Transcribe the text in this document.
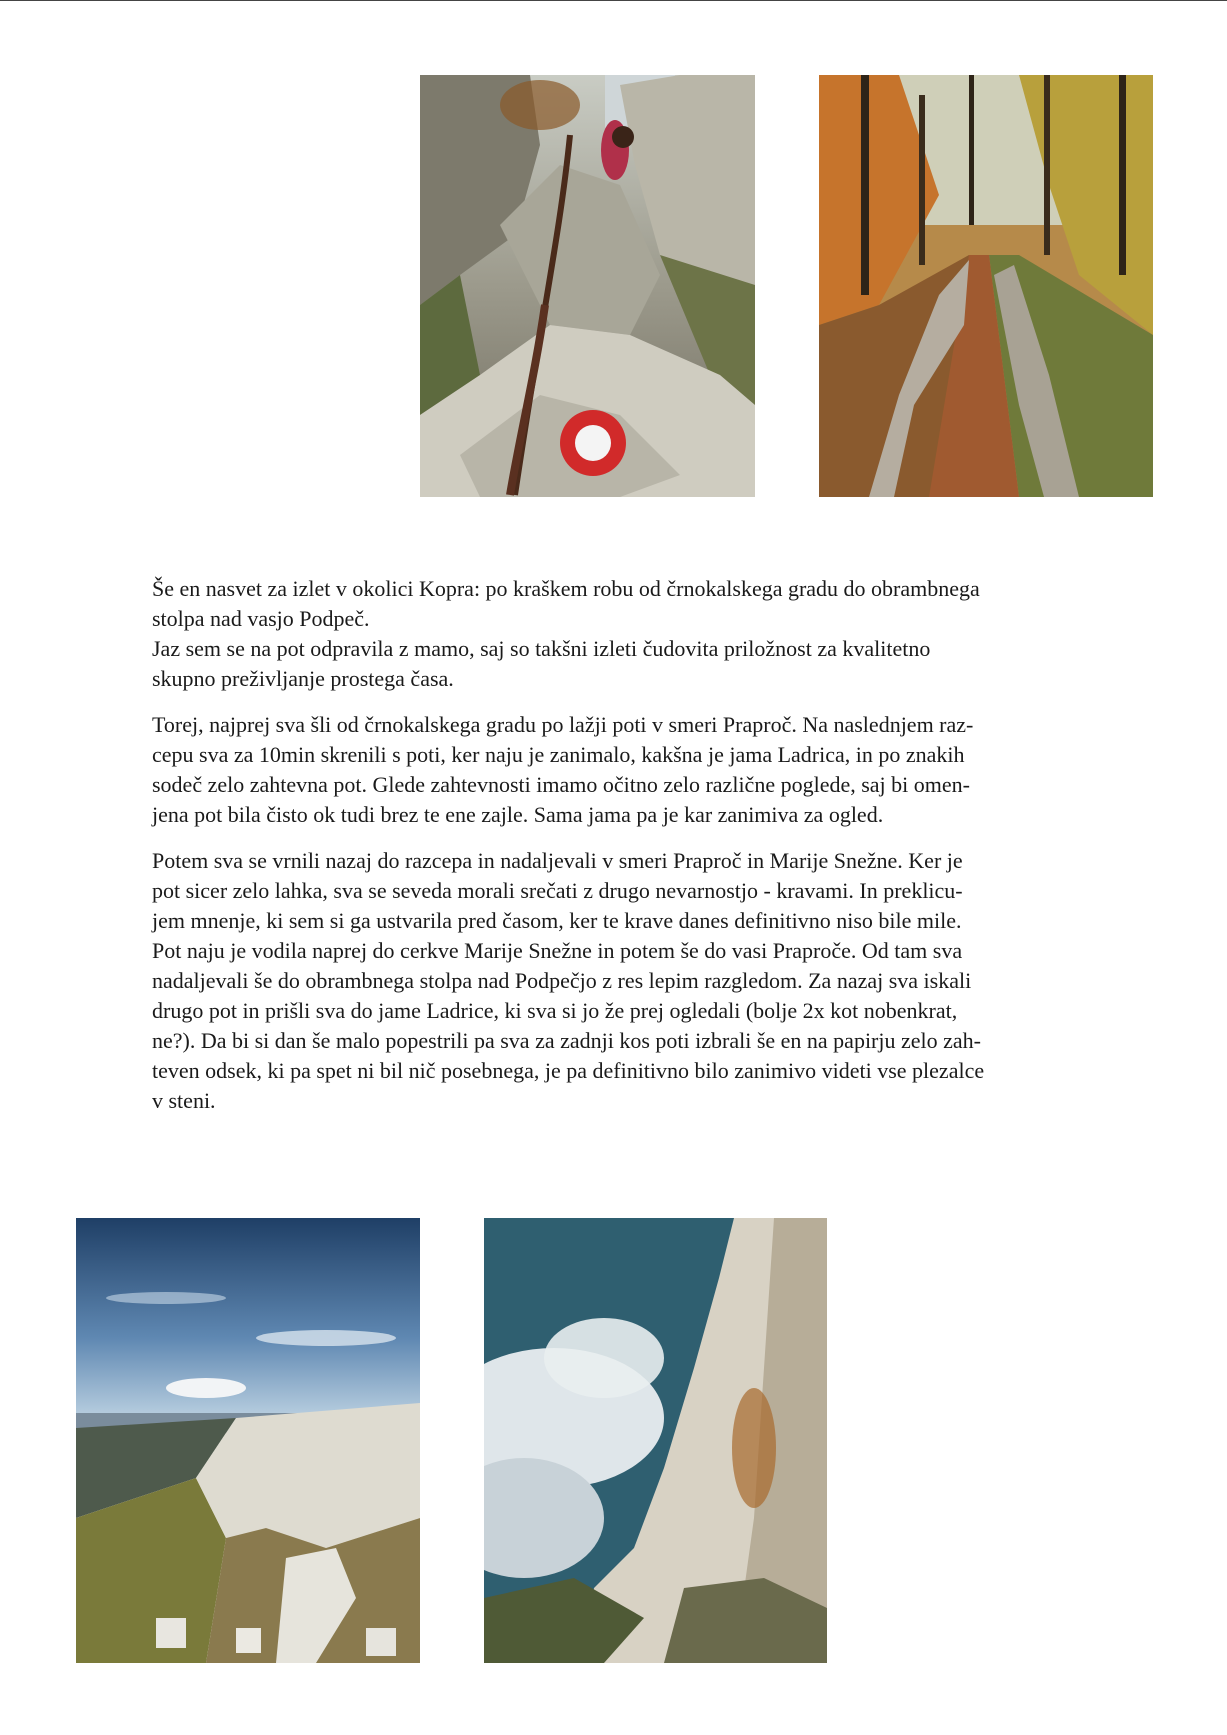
Še en nasvet za izlet v okolici Kopra: po kraškem robu od črnokalskega gradu do obrambnega
stolpa nad vasjo Podpeč.
Jaz sem se na pot odpravila z mamo, saj so takšni izleti čudovita priložnost za kvalitetno
skupno preživljanje prostega časa.

Torej, najprej sva šli od črnokalskega gradu po lažji poti v smeri Praproč. Na naslednjem raz-
cepu sva za 10min skrenili s poti, ker naju je zanimalo, kakšna je jama Ladrica, in po znakih
sodeč zelo zahtevna pot. Glede zahtevnosti imamo očitno zelo različne poglede, saj bi omen-
jena pot bila čisto ok tudi brez te ene zajle. Sama jama pa je kar zanimiva za ogled.

Potem sva se vrnili nazaj do razcepa in nadaljevali v smeri Praproč in Marije Snežne. Ker je
pot sicer zelo lahka, sva se seveda morali srečati z drugo nevarnostjo - kravami. In preklicu-
jem mnenje, ki sem si ga ustvarila pred časom, ker te krave danes definitivno niso bile mile.
Pot naju je vodila naprej do cerkve Marije Snežne in potem še do vasi Praproče. Od tam sva
nadaljevali še do obrambnega stolpa nad Podpečjo z res lepim razgledom. Za nazaj sva iskali
drugo pot in prišli sva do jame Ladrice, ki sva si jo že prej ogledali (bolje 2x kot nobenkrat,
ne?). Da bi si dan še malo popestrili pa sva za zadnji kos poti izbrali še en na papirju zelo zah-
teven odsek, ki pa spet ni bil nič posebnega, je pa definitivno bilo zanimivo videti vse plezalce
v steni.
